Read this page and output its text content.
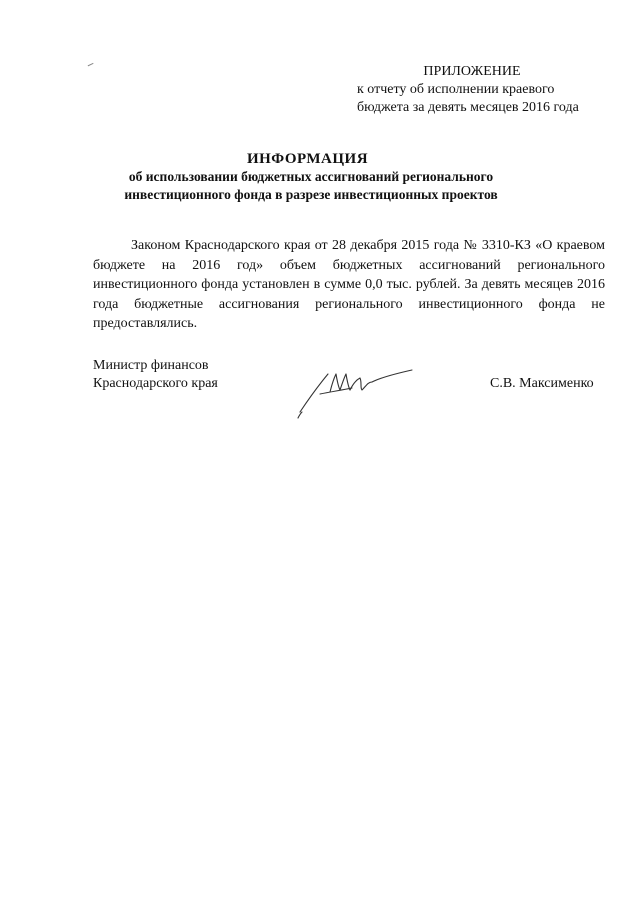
ПРИЛОЖЕНИЕ
к отчету об исполнении краевого
бюджета за девять месяцев 2016 года
ИНФОРМАЦИЯ
об использовании бюджетных ассигнований регионального
инвестиционного фонда в разрезе инвестиционных проектов

Законом Краснодарского края от 28 декабря 2015 года № 3310-КЗ «О краевом бюджете на 2016 год» объем бюджетных ассигнований регионального инвестиционного фонда установлен в сумме 0,0 тыс. рублей. За девять месяцев 2016 года бюджетные ассигнования регионального инвестиционного фонда не предоставлялись.

Министр финансов
Краснодарского края	С.В. Максименко
